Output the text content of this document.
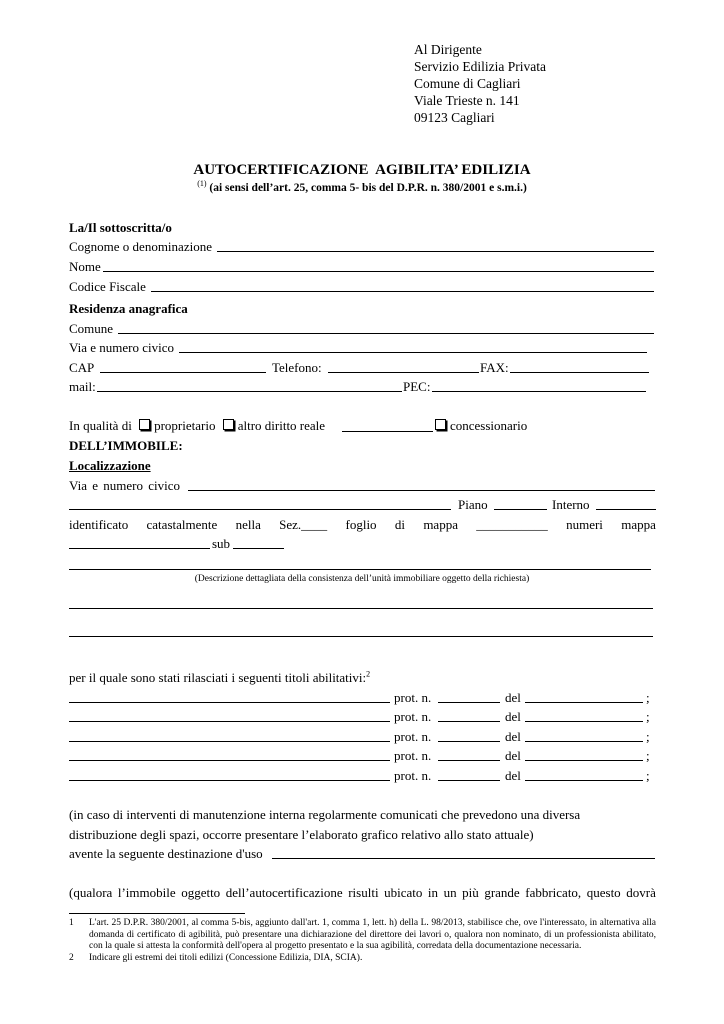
Al Dirigente
Servizio Edilizia Privata
Comune di Cagliari
Viale Trieste n. 141
09123 Cagliari
AUTOCERTIFICAZIONE  AGIBILITA’ EDILIZIA
$^{(1)}$ (ai sensi dell’art. 25, comma 5- bis del D.P.R. n. 380/2001 e s.m.i.)
La/Il sottoscritta/o
Cognome o denominazione
Nome
Codice Fiscale
Residenza anagrafica
Comune
Via e numero civico
CAP	Telefono:	FAX:
mail:	PEC:
In qualità di proprietario altro diritto reale	concessionario
DELL’IMMOBILE:
Localizzazione
Via e numero civico
Piano	Interno
identificato catastalmente nella Sez.____ foglio di mappa ___________ numeri mappa
sub
(Descrizione dettagliata della consistenza dell’unità immobiliare oggetto della richiesta)
per il quale sono stati rilasciati i seguenti titoli abilitativi:$^2$
prot. n.	del	;
prot. n.	del	;
prot. n.	del	;
prot. n.	del	;
prot. n.	del	;
(in caso di interventi di manutenzione interna regolarmente comunicati che prevedono una diversa
distribuzione degli spazi, occorre presentare l’elaborato grafico relativo allo stato attuale)
avente la seguente destinazione d'uso
(qualora l’immobile oggetto dell’autocertificazione risulti ubicato in un più grande fabbricato, questo dovrà
1 L'art. 25 D.P.R. 380/2001, al comma 5-bis, aggiunto dall'art. 1, comma 1, lett. h) della L. 98/2013, stabilisce che, ove l'interessato, in alternativa alla domanda di certificato di agibilità, può presentare una dichiarazione del direttore dei lavori o, qualora non nominato, di un professionista abilitato, con la quale si attesta la conformità dell'opera al progetto presentato e la sua agibilità, corredata della documentazione necessaria.
2 Indicare gli estremi dei titoli edilizi (Concessione Edilizia, DIA, SCIA).
